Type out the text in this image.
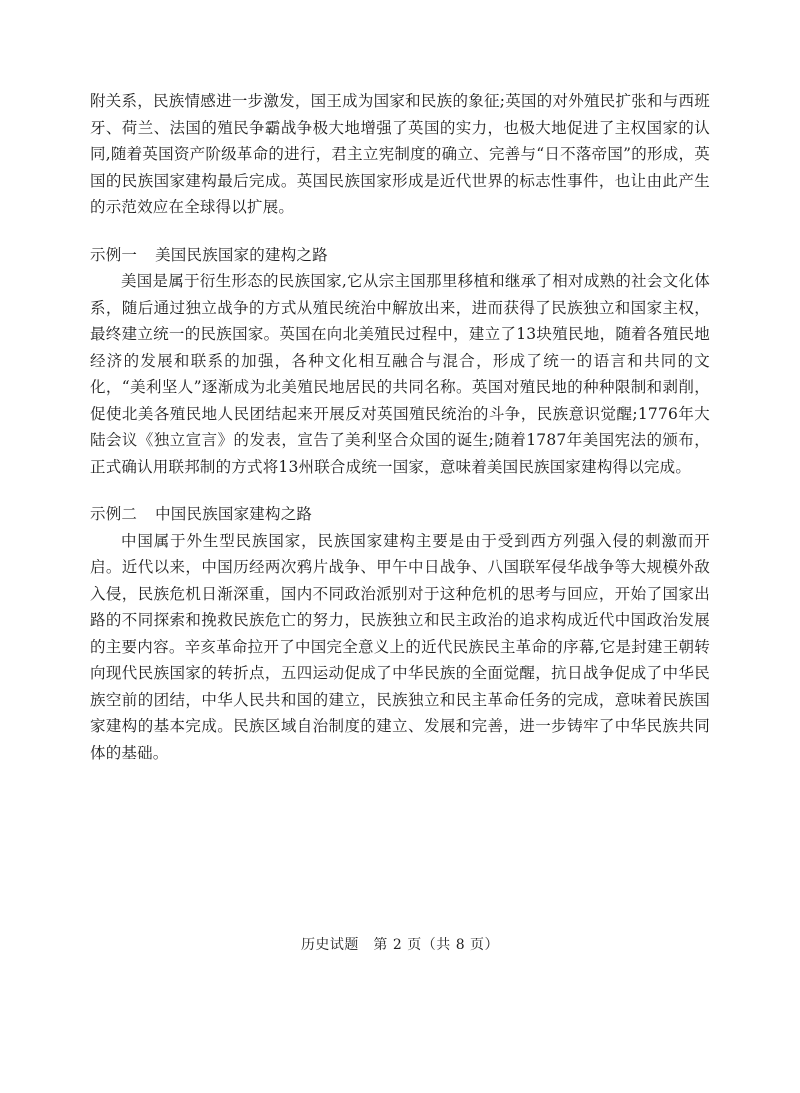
附关系，民族情感进一步激发，国王成为国家和民族的象征;英国的对外殖民扩张和与西班牙、荷兰、法国的殖民争霸战争极大地增强了英国的实力，也极大地促进了主权国家的认同,随着英国资产阶级革命的进行，君主立宪制度的确立、完善与“日不落帝国”的形成，英国的民族国家建构最后完成。英国民族国家形成是近代世界的标志性事件，也让由此产生的示范效应在全球得以扩展。

示例一 美国民族国家的建构之路

美国是属于衍生形态的民族国家,它从宗主国那里移植和继承了相对成熟的社会文化体系，随后通过独立战争的方式从殖民统治中解放出来，进而获得了民族独立和国家主权，最终建立统一的民族国家。英国在向北美殖民过程中，建立了13块殖民地，随着各殖民地经济的发展和联系的加强，各种文化相互融合与混合，形成了统一的语言和共同的文化，“美利坚人”逐渐成为北美殖民地居民的共同名称。英国对殖民地的种种限制和剥削，促使北美各殖民地人民团结起来开展反对英国殖民统治的斗争，民族意识觉醒;1776年大陆会议《独立宣言》的发表，宣告了美利坚合众国的诞生;随着1787年美国宪法的颁布，正式确认用联邦制的方式将13州联合成统一国家，意味着美国民族国家建构得以完成。

示例二 中国民族国家建构之路

中国属于外生型民族国家，民族国家建构主要是由于受到西方列强入侵的刺激而开启。近代以来，中国历经两次鸦片战争、甲午中日战争、八国联军侵华战争等大规模外敌入侵，民族危机日渐深重，国内不同政治派别对于这种危机的思考与回应，开始了国家出路的不同探索和挽救民族危亡的努力，民族独立和民主政治的追求构成近代中国政治发展的主要内容。辛亥革命拉开了中国完全意义上的近代民族民主革命的序幕,它是封建王朝转向现代民族国家的转折点，五四运动促成了中华民族的全面觉醒，抗日战争促成了中华民族空前的团结，中华人民共和国的建立，民族独立和民主革命任务的完成，意味着民族国家建构的基本完成。民族区域自治制度的建立、发展和完善，进一步铸牢了中华民族共同体的基础。

历史试题　第 2 页（共 8 页）
